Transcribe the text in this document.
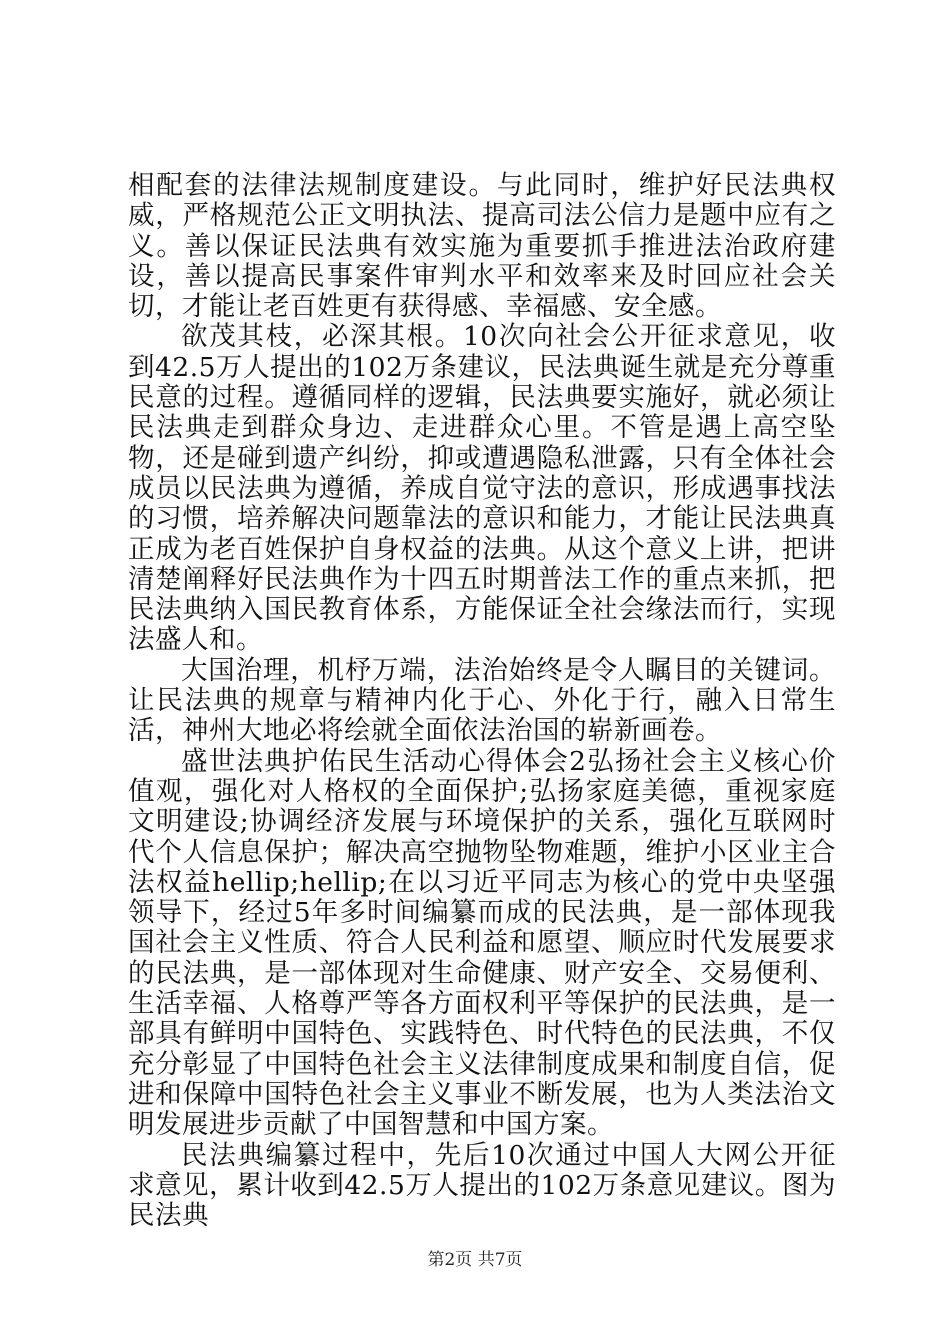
相配套的法律法规制度建设。与此同时，维护好民法典权威，严格规范公正文明执法、提高司法公信力是题中应有之义。善以保证民法典有效实施为重要抓手推进法治政府建设，善以提高民事案件审判水平和效率来及时回应社会关切，才能让老百姓更有获得感、幸福感、安全感。

欲茂其枝，必深其根。10次向社会公开征求意见，收到42.5万人提出的102万条建议，民法典诞生就是充分尊重民意的过程。遵循同样的逻辑，民法典要实施好，就必须让民法典走到群众身边、走进群众心里。不管是遇上高空坠物，还是碰到遗产纠纷，抑或遭遇隐私泄露，只有全体社会成员以民法典为遵循，养成自觉守法的意识，形成遇事找法的习惯，培养解决问题靠法的意识和能力，才能让民法典真正成为老百姓保护自身权益的法典。从这个意义上讲，把讲清楚阐释好民法典作为十四五时期普法工作的重点来抓，把民法典纳入国民教育体系，方能保证全社会缘法而行，实现法盛人和。

大国治理，机杼万端，法治始终是令人瞩目的关键词。让民法典的规章与精神内化于心、外化于行，融入日常生活，神州大地必将绘就全面依法治国的崭新画卷。

盛世法典护佑民生活动心得体会2弘扬社会主义核心价值观，强化对人格权的全面保护;弘扬家庭美德，重视家庭文明建设;协调经济发展与环境保护的关系，强化互联网时代个人信息保护；解决高空抛物坠物难题，维护小区业主合法权益hellip;hellip;在以习近平同志为核心的党中央坚强领导下，经过5年多时间编纂而成的民法典，是一部体现我国社会主义性质、符合人民利益和愿望、顺应时代发展要求的民法典，是一部体现对生命健康、财产安全、交易便利、生活幸福、人格尊严等各方面权利平等保护的民法典，是一部具有鲜明中国特色、实践特色、时代特色的民法典，不仅充分彰显了中国特色社会主义法律制度成果和制度自信，促进和保障中国特色社会主义事业不断发展，也为人类法治文明发展进步贡献了中国智慧和中国方案。

民法典编纂过程中，先后10次通过中国人大网公开征求意见，累计收到42.5万人提出的102万条意见建议。图为民法典

第2页 共7页
